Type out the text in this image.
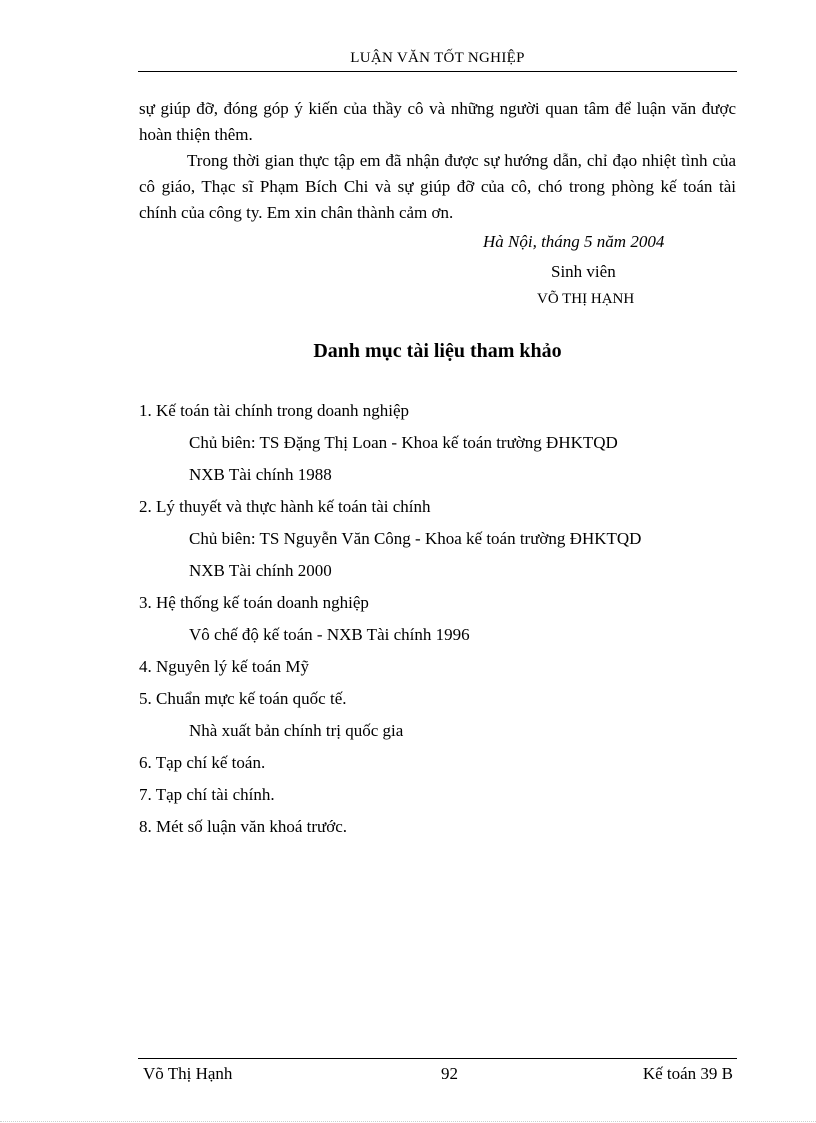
LUẬN VĂN TỐT NGHIỆP

sự giúp đỡ, đóng góp ý kiến của thầy cô và những người quan tâm để luận văn được hoàn thiện thêm.

Trong thời gian thực tập em đã nhận được sự hướng dẫn, chỉ đạo nhiệt tình của cô giáo, Thạc sĩ Phạm Bích Chi và sự giúp đỡ của cô, chó trong phòng kế toán tài chính của công ty. Em xin chân thành cảm ơn.

Hà Nội, tháng 5 năm 2004
Sinh viên
VÕ THỊ HẠNH
Danh mục tài liệu tham khảo
1. Kế toán tài chính trong doanh nghiệp
Chủ biên: TS Đặng Thị Loan - Khoa kế toán trường ĐHKTQD
NXB Tài chính 1988
2. Lý thuyết và thực hành kế toán tài chính
Chủ biên: TS Nguyễn Văn Công - Khoa kế toán trường ĐHKTQD
NXB Tài chính 2000
3. Hệ thống kế toán doanh nghiệp
Vô chế độ kế toán - NXB Tài chính 1996
4. Nguyên lý kế toán Mỹ
5. Chuẩn mực kế toán quốc tế.
Nhà xuất bản chính trị quốc gia
6. Tạp chí kế toán.
7. Tạp chí tài chính.
8. Mét số luận văn khoá trước.
Võ Thị Hạnh	92	Kế toán 39 B
